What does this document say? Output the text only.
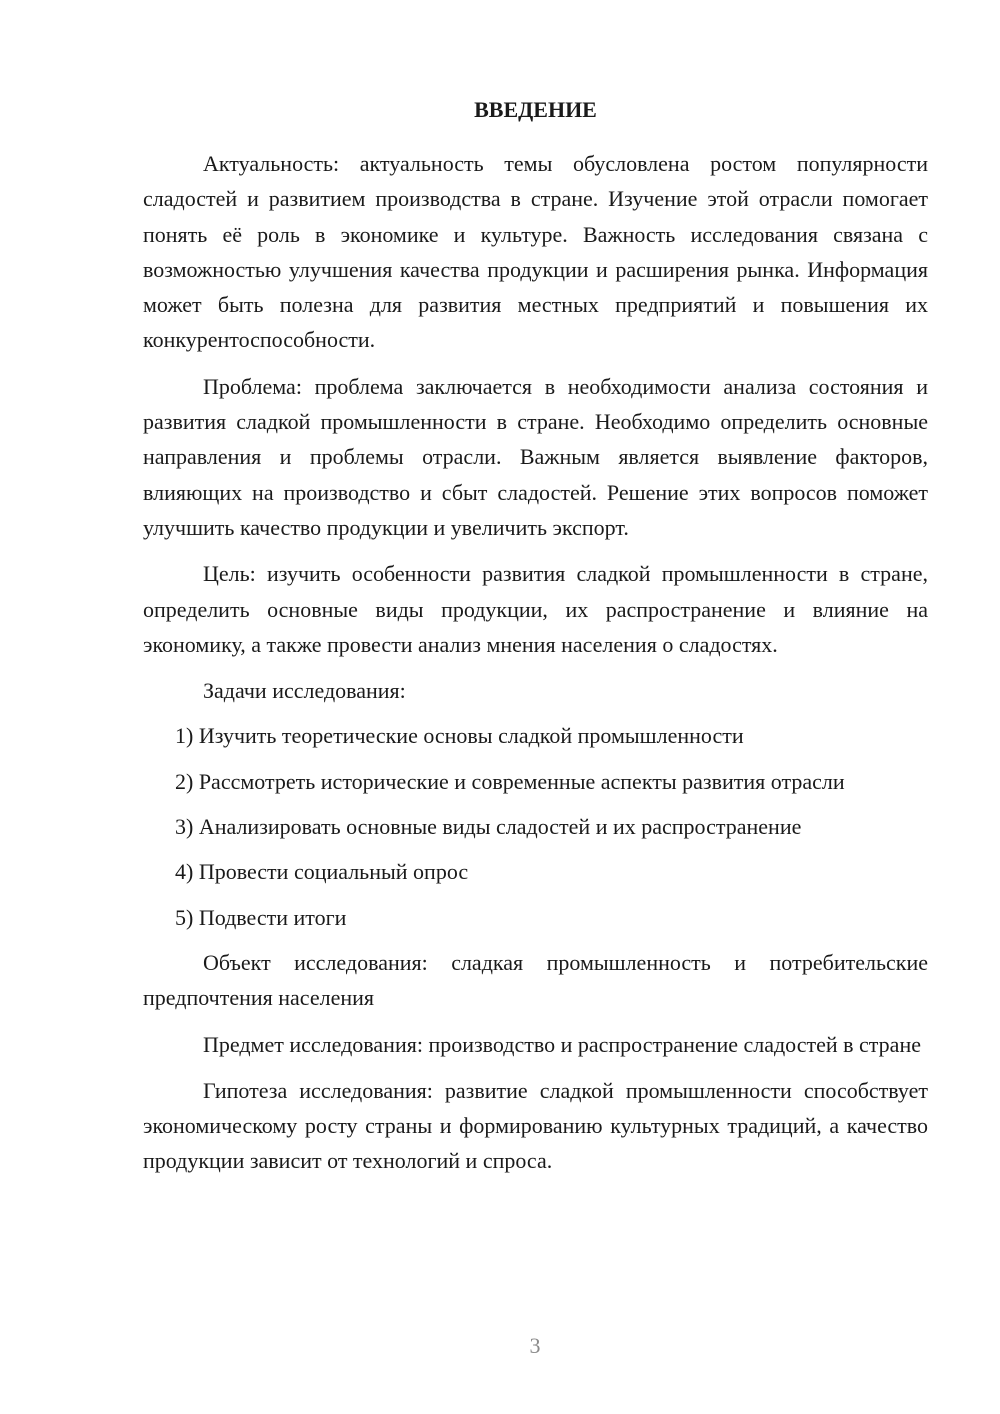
ВВЕДЕНИЕ

Актуальность: актуальность темы обусловлена ростом популярности сладостей и развитием производства в стране. Изучение этой отрасли помогает понять её роль в экономике и культуре. Важность исследования связана с возможностью улучшения качества продукции и расширения рынка. Информация может быть полезна для развития местных предприятий и повышения их конкурентоспособности.

Проблема: проблема заключается в необходимости анализа состояния и развития сладкой промышленности в стране. Необходимо определить основные направления и проблемы отрасли. Важным является выявление факторов, влияющих на производство и сбыт сладостей. Решение этих вопросов поможет улучшить качество продукции и увеличить экспорт.

Цель: изучить особенности развития сладкой промышленности в стране, определить основные виды продукции, их распространение и влияние на экономику, а также провести анализ мнения населения о сладостях.

Задачи исследования:
1) Изучить теоретические основы сладкой промышленности
2) Рассмотреть исторические и современные аспекты развития отрасли
3) Анализировать основные виды сладостей и их распространение
4) Провести социальный опрос
5) Подвести итоги

Объект исследования: сладкая промышленность и потребительские предпочтения населения

Предмет исследования: производство и распространение сладостей в стране

Гипотеза исследования: развитие сладкой промышленности способствует экономическому росту страны и формированию культурных традиций, а качество продукции зависит от технологий и спроса.

3
